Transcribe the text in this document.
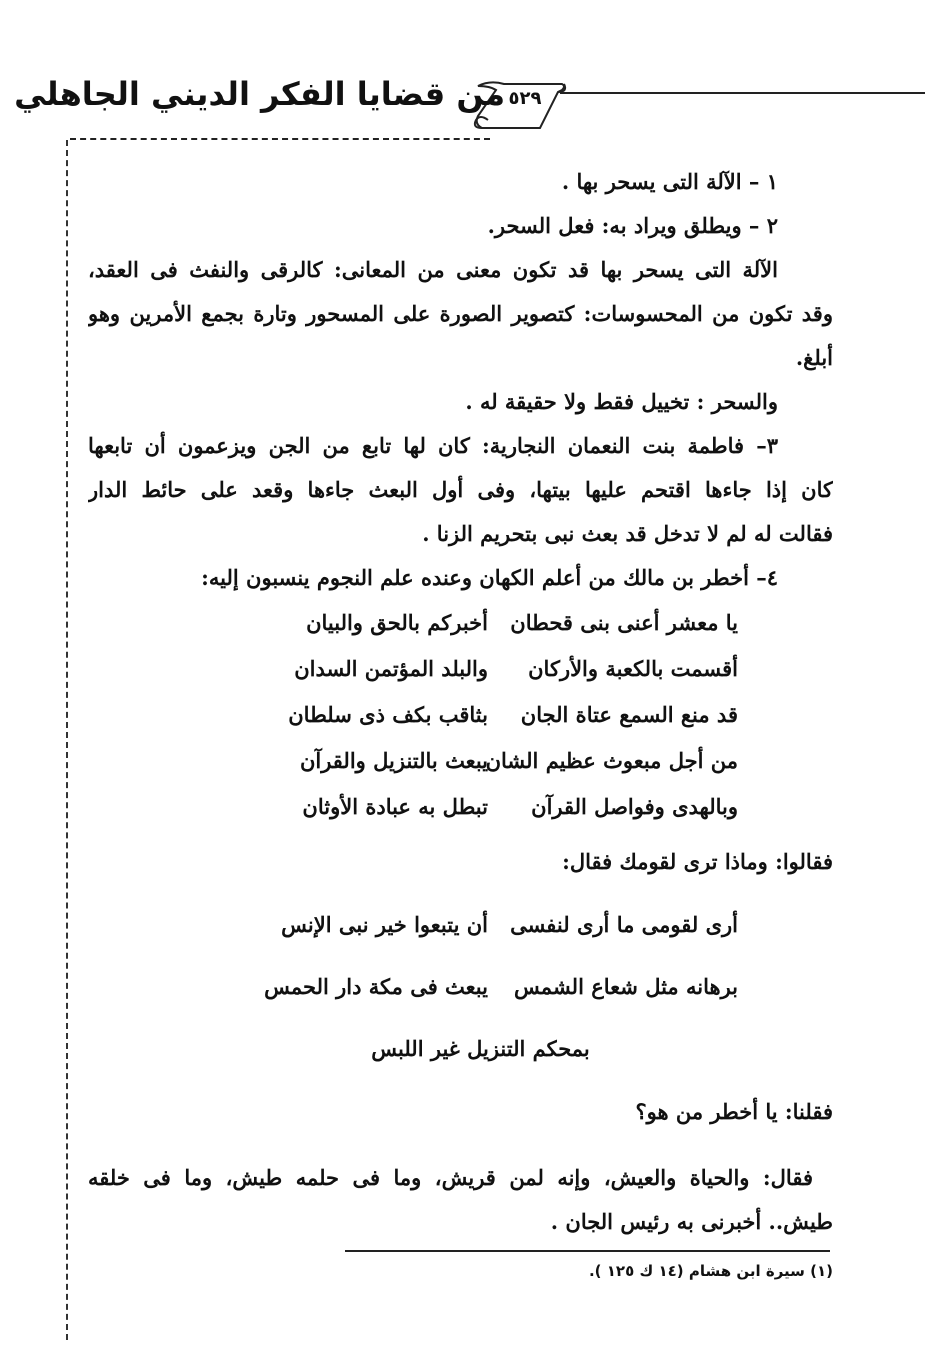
٥٢٩
من قضايا الفكر الديني الجاهلي
١ – الآلة التى يسحر بها .
٢ – ويطلق ويراد به: فعل السحر.
الآلة التى يسحر بها قد تكون معنى من المعانى: كالرقى والنفث فى العقد،
وقد تكون من المحسوسات: كتصوير الصورة على المسحور وتارة بجمع الأمرين وهو
أبلغ.
والسحر : تخييل فقط ولا حقيقة له .
٣– فاطمة بنت النعمان النجارية: كان لها تابع من الجن ويزعمون أن تابعها
كان إذا جاءها اقتحم عليها بيتها، وفى أول البعث جاءها وقعد على حائط الدار
فقالت له لم لا تدخل قد بعث نبى بتحريم الزنا .
٤– أخطر بن مالك من أعلم الكهان وعنده علم النجوم ينسبون إليه:
يا معشر أعنى بنى قحطان
أخبركم بالحق والبيان
أقسمت بالكعبة والأركان
والبلد المؤتمن السدان
قد منع السمع عتاة الجان
بثاقب بكف ذى سلطان
من أجل مبعوث عظيم الشان
يبعث بالتنزيل والقرآن
وبالهدى وفواصل القرآن
تبطل به عبادة الأوثان
فقالوا: وماذا ترى لقومك فقال:
أرى لقومى ما أرى لنفسى
أن يتبعوا خير نبى الإنس
برهانه مثل شعاع الشمس
يبعث فى مكة دار الحمس
بمحكم التنزيل غير اللبس
فقلنا: يا أخطر من هو؟
فقال: والحياة والعيش، وإنه لمن قريش، وما فى حلمه طيش، وما فى خلقه
طيش.. أخبرنى به رئيس الجان .
(١) سيرة ابن هشام (١٤ ك ١٢٥ ).
